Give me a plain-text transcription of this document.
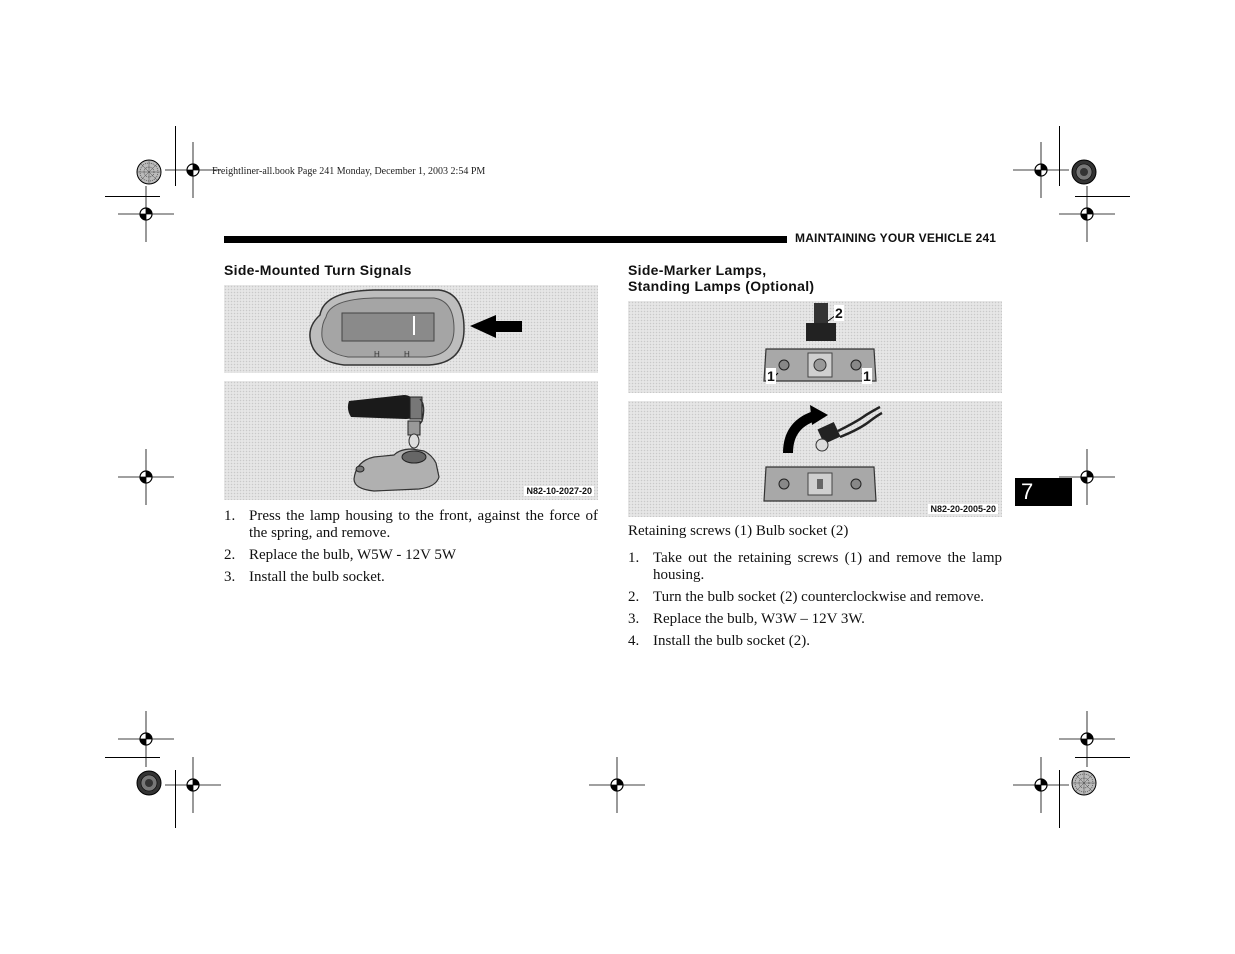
Freightliner-all.book Page 241 Monday, December 1, 2003 2:54 PM
MAINTAINING YOUR VEHICLE 241
Side-Mounted Turn Signals
H	H
N82-10-2027-20
1. Press the lamp housing to the front, against the force of the spring, and remove.
2. Replace the bulb, W5W - 12V 5W
3. Install the bulb socket.
Side-Marker Lamps,
Standing Lamps (Optional)
2
1	1
N82-20-2005-20
Retaining screws (1) Bulb socket (2)
1. Take out the retaining screws (1) and remove the lamp housing.
2. Turn the bulb socket (2) counterclockwise and remove.
3. Replace the bulb, W3W – 12V 3W.
4. Install the bulb socket (2).
7
